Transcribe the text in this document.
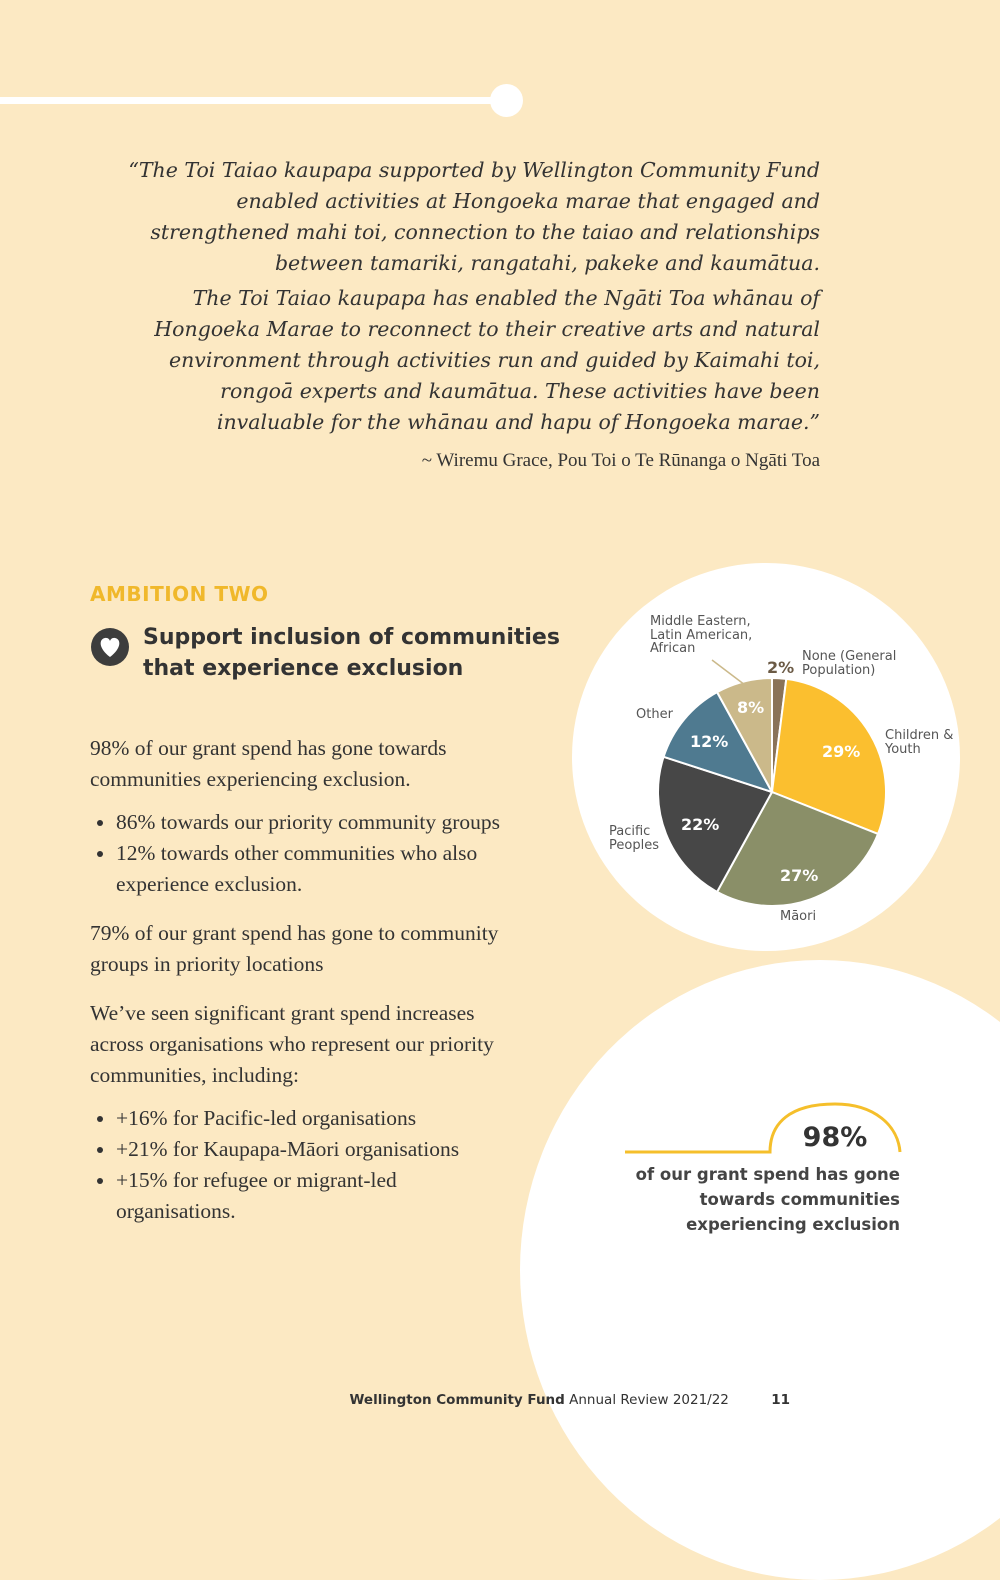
“The Toi Taiao kaupapa supported by Wellington Community Fund enabled activities at Hongoeka marae that engaged and strengthened mahi toi, connection to the taiao and relationships between tamariki, rangatahi, pakeke and kaumātua.

The Toi Taiao kaupapa has enabled the Ngāti Toa whānau of Hongoeka Marae to reconnect to their creative arts and natural environment through activities run and guided by Kaimahi toi, rongoā experts and kaumātua. These activities have been invaluable for the whānau and hapu of Hongoeka marae.”

~ Wiremu Grace, Pou Toi o Te Rūnanga o Ngāti Toa
AMBITION TWO
Support inclusion of communities that experience exclusion

98% of our grant spend has gone towards communities experiencing exclusion.

• 86% towards our priority community groups
• 12% towards other communities who also experience exclusion.

79% of our grant spend has gone to community groups in priority locations

We’ve seen significant grant spend increases across organisations who represent our priority communities, including:

• +16% for Pacific-led organisations
• +21% for Kaupapa-Māori organisations
• +15% for refugee or migrant-led organisations.
Middle Eastern, Latin American, African
None (General Population)
Other
Children & Youth
Pacific Peoples
Māori
2%
29%
27%
22%
12%
8%
98%
of our grant spend has gone towards communities experiencing exclusion
Wellington Community Fund Annual Review 2021/22	11
